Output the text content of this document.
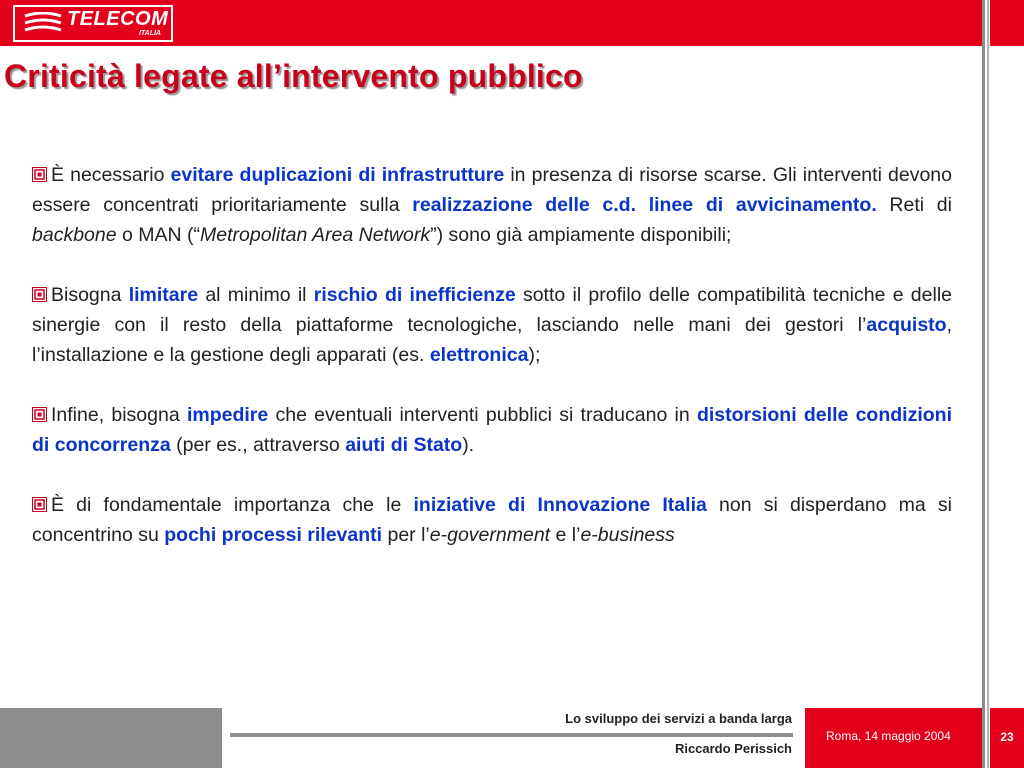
TELECOM
ITALIA
Criticità legate all’intervento pubblico

È necessario evitare duplicazioni di infrastrutture in presenza di risorse scarse. Gli interventi devono essere concentrati prioritariamente sulla realizzazione delle c.d. linee di avvicinamento. Reti di backbone o MAN (“Metropolitan Area Network”) sono già ampiamente disponibili;

Bisogna limitare al minimo il rischio di inefficienze sotto il profilo delle compatibilità tecniche e delle sinergie con il resto della piattaforme tecnologiche, lasciando nelle mani dei gestori l’acquisto, l’installazione e la gestione degli apparati (es. elettronica);

Infine, bisogna impedire che eventuali interventi pubblici si traducano in distorsioni delle condizioni di concorrenza (per es., attraverso aiuti di Stato).

È di fondamentale importanza che le iniziative di Innovazione Italia non si disperdano ma si concentrino su pochi processi rilevanti per l’e-government e l’e-business

Lo sviluppo dei servizi a banda larga
Riccardo Perissich
Roma, 14 maggio 2004	23
